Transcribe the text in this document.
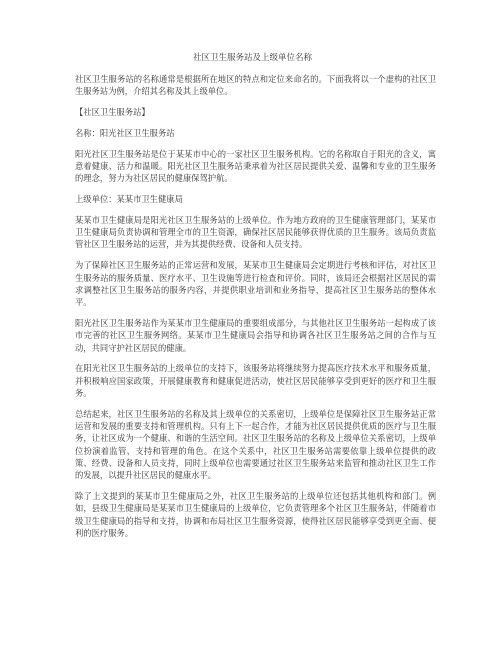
社区卫生服务站及上级单位名称

社区卫生服务站的名称通常是根据所在地区的特点和定位来命名的。下面我将以一个虚构的社区卫生服务站为例，介绍其名称及其上级单位。

【社区卫生服务站】

名称：阳光社区卫生服务站

阳光社区卫生服务站是位于某某市中心的一家社区卫生服务机构。它的名称取自于阳光的含义，寓意着健康、活力和温暖。阳光社区卫生服务站秉承着为社区居民提供关爱、温馨和专业的卫生服务的理念，努力为社区居民的健康保驾护航。

上级单位：某某市卫生健康局

某某市卫生健康局是阳光社区卫生服务站的上级单位。作为地方政府的卫生健康管理部门，某某市卫生健康局负责协调和管理全市的卫生资源，确保社区居民能够获得优质的卫生服务。该局负责监管社区卫生服务站的运营，并为其提供经费、设备和人员支持。

为了保障社区卫生服务站的正常运营和发展，某某市卫生健康局会定期进行考核和评估，对社区卫生服务站的服务质量、医疗水平、卫生设施等进行检查和评价。同时，该局还会根据社区居民的需求调整社区卫生服务站的服务内容，并提供职业培训和业务指导，提高社区卫生服务站的整体水平。

阳光社区卫生服务站作为某某市卫生健康局的重要组成部分，与其他社区卫生服务站一起构成了该市完善的社区卫生服务网络。某某市卫生健康局会指导和协调各社区卫生服务站之间的合作与互动，共同守护社区居民的健康。

在阳光社区卫生服务站的上级单位的支持下，该服务站将继续努力提高医疗技术水平和服务质量，并积极响应国家政策，开展健康教育和健康促进活动，使社区居民能够享受到更好的医疗和卫生服务。

总结起来，社区卫生服务站的名称及其上级单位的关系密切，上级单位是保障社区卫生服务站正常运营和发展的重要支持和管理机构。只有上下一起合作，才能为社区居民提供优质的医疗与卫生服务，让社区成为一个健康、和谐的生活空间。社区卫生服务站的名称及上级单位关系密切，上级单位扮演着监管、支持和管理的角色。在这个关系中，社区卫生服务站需要依靠上级单位提供的政策、经费、设备和人员支持，同时上级单位也需要通过社区卫生服务站来监管和推动社区卫生工作的发展，以提升社区居民的健康水平。

除了上文提到的某某市卫生健康局之外，社区卫生服务站的上级单位还包括其他机构和部门。例如，县级卫生健康局是某某市卫生健康局的上级单位，它负责管理多个社区卫生服务站，伴随着市级卫生健康局的指导和支持，协调和布局社区卫生服务资源，使得社区居民能够享受到更全面、便利的医疗服务。
